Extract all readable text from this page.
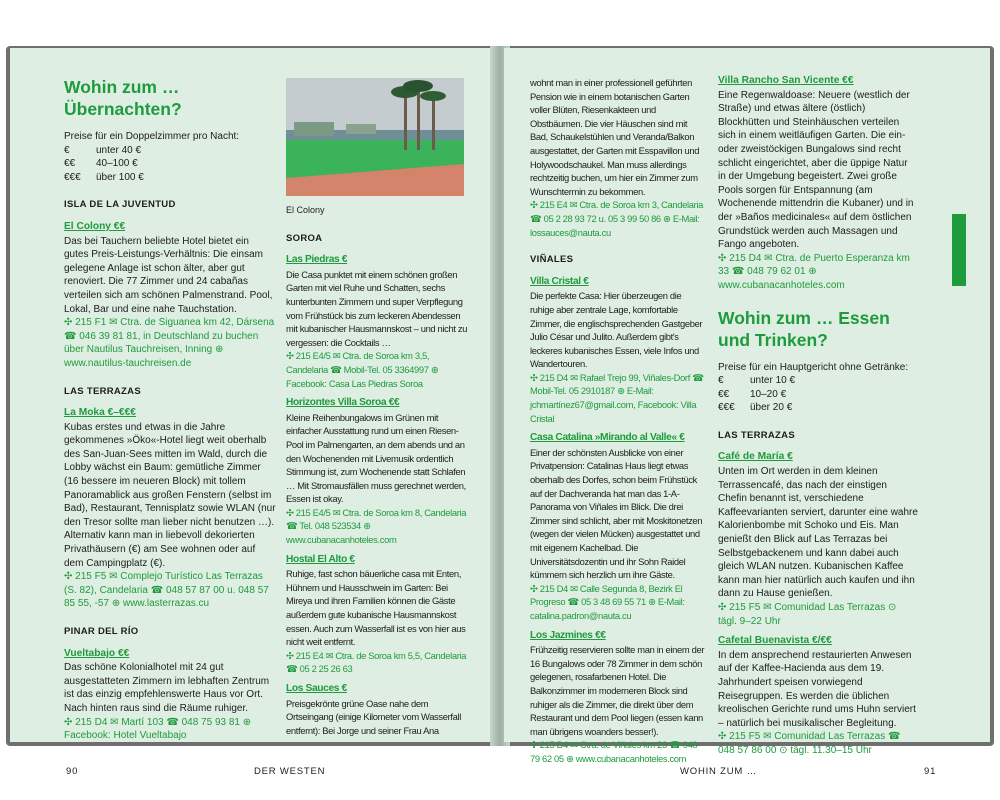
Wohin zum … Übernachten?

Preise für ein Doppelzimmer pro Nacht:

€	unter 40 €
€€	40–100 €
€€€	über 100 €
ISLA DE LA JUVENTUD
El Colony €€

Das bei Tauchern beliebte Hotel bietet ein gutes Preis-Leistungs-Verhältnis: Die einsam gelegene Anlage ist schon älter, aber gut renoviert. Die 77 Zimmer und 24 cabañas verteilen sich am schönen Palmenstrand. Pool, Lokal, Bar und eine nahe Tauchstation.

✣ 215 F1 ✉ Ctra. de Siguanea km 42, Dársena ☎ 046 39 81 81, in Deutschland zu buchen über Nautilus Tauchreisen, Inning ⊕ www.nautilus-tauchreisen.de

LAS TERRAZAS
La Moka €–€€€

Kubas erstes und etwas in die Jahre gekommenes »Öko«-Hotel liegt weit oberhalb des San-Juan-Sees mitten im Wald, durch die Lobby wächst ein Baum: gemütliche Zimmer (16 bessere im neueren Block) mit tollem Panoramablick aus großen Fenstern (selbst im Bad), Restaurant, Tennisplatz sowie WLAN (nur den Tresor sollte man lieber nicht benutzen …). Alternativ kann man in liebevoll dekorierten Privathäusern (€) am See wohnen oder auf dem Campingplatz (€).

✣ 215 F5 ✉ Complejo Turístico Las Terrazas (S. 82), Candelaria ☎ 048 57 87 00 u. 048 57 85 55, -57 ⊕ www.lasterrazas.cu

PINAR DEL RÍO
Vueltabajo €€

Das schöne Kolonialhotel mit 24 gut ausgestatteten Zimmern im lebhaften Zentrum ist das einzig empfehlenswerte Haus vor Ort. Nach hinten raus sind die Räume ruhiger.

✣ 215 D4 ✉ Martí 103 ☎ 048 75 93 81 ⊕ Facebook: Hotel Vueltabajo

El Colony
SOROA
Las Piedras €

Die Casa punktet mit einem schönen großen Garten mit viel Ruhe und Schatten, sechs kunterbunten Zimmern und super Verpflegung vom Frühstück bis zum leckeren Abendessen mit kubanischer Hausmannskost – und nicht zu vergessen: die Cocktails …

✣ 215 E4/5 ✉ Ctra. de Soroa km 3,5, Candelaria ☎ Mobil-Tel. 05 3364997 ⊕ Facebook: Casa Las Piedras Soroa

Horizontes Villa Soroa €€

Kleine Reihenbungalows im Grünen mit einfacher Ausstattung rund um einen Riesen-Pool im Palmengarten, an dem abends und an den Wochenenden mit Livemusik ordentlich Stimmung ist, zum Wochenende statt Schlafen … Mit Stromausfällen muss gerechnet werden, Essen ist okay.

✣ 215 E4/5 ✉ Ctra. de Soroa km 8, Candelaria ☎ Tel. 048 523534 ⊕ www.cubanacanhoteles.com

Hostal El Alto €

Ruhige, fast schon bäuerliche casa mit Enten, Hühnern und Hausschwein im Garten: Bei Mireya und ihren Familien können die Gäste außerdem gute kubanische Hausmannskost essen. Auch zum Wasserfall ist es von hier aus nicht weit entfernt.

✣ 215 E4 ✉ Ctra. de Soroa km 5,5, Candelaria ☎ 05 2 25 26 63

Los Sauces €

Preisgekrönte grüne Oase nahe dem Ortseingang (einige Kilometer vom Wasserfall entfernt): Bei Jorge und seiner Frau Ana

90	DER WESTEN

wohnt man in einer professionell geführten Pension wie in einem botanischen Garten voller Blüten, Riesenkakteen und Obstbäumen. Die vier Häuschen sind mit Bad, Schaukelstühlen und Veranda/Balkon ausgestattet, der Garten mit Esspavillon und Holywoodschaukel. Man muss allerdings rechtzeitig buchen, um hier ein Zimmer zum Wunschtermin zu bekommen.

✣ 215 E4 ✉ Ctra. de Soroa km 3, Candelaria ☎ 05 2 28 93 72 u. 05 3 99 50 86 ⊕ E-Mail: lossauces@nauta.cu

VIÑALES
Villa Cristal €

Die perfekte Casa: Hier überzeugen die ruhige aber zentrale Lage, komfortable Zimmer, die englischsprechenden Gastgeber Julio César und Julito. Außerdem gibt's leckeres kubanisches Essen, viele Infos und Wandertouren.

✣ 215 D4 ✉ Rafael Trejo 99, Viñales-Dorf ☎ Mobil-Tel. 05 2910187 ⊕ E-Mail: jchmartínez67@gmail.com, Facebook: Villa Cristal

Casa Catalina »Mirando al Valle« €

Einer der schönsten Ausblicke von einer Privatpension: Catalinas Haus liegt etwas oberhalb des Dorfes, schon beim Frühstück auf der Dachveranda hat man das 1-A-Panorama von Viñales im Blick. Die drei Zimmer sind schlicht, aber mit Moskitonetzen (wegen der vielen Mücken) ausgestattet und mit eigenem Kachelbad. Die Universitätsdozentin und ihr Sohn Raidel kümmern sich herzlich um ihre Gäste.

✣ 215 D4 ✉ Calle Segunda 8, Bezirk El Progreso ☎ 05 3 48 69 55 71 ⊕ E-Mail: catalina.padron@nauta.cu

Los Jazmines €€

Frühzeitig reservieren sollte man in einem der 16 Bungalows oder 78 Zimmer in dem schön gelegenen, rosafarbenen Hotel. Die Balkonzimmer im moderneren Block sind ruhiger als die Zimmer, die direkt über dem Restaurant und dem Pool liegen (essen kann man übrigens woanders besser!).

✣ 215 D4 ✉ Ctra. de Viñales km 23 ☎ 048 79 62 05 ⊕ www.cubanacanhoteles.com

Villa Rancho San Vicente €€

Eine Regenwaldoase: Neuere (westlich der Straße) und etwas ältere (östlich) Blockhütten und Steinhäuschen verteilen sich in einem weitläufigen Garten. Die ein- oder zweistöckigen Bungalows sind recht schlicht eingerichtet, aber die üppige Natur in der Umgebung begeistert. Zwei große Pools sorgen für Entspannung (am Wochenende mittendrin die Kubaner) und in der »Baños medicinales« auf dem östlichen Grundstück werden auch Massagen und Fango angeboten.

✣ 215 D4 ✉ Ctra. de Puerto Esperanza km 33 ☎ 048 79 62 01 ⊕ www.cubanacanhoteles.com

Wohin zum … Essen und Trinken?

Preise für ein Hauptgericht ohne Getränke:

€	unter 10 €
€€	10–20 €
€€€	über 20 €
LAS TERRAZAS
Café de María €

Unten im Ort werden in dem kleinen Terrassencafé, das nach der einstigen Chefin benannt ist, verschiedene Kaffeevarianten serviert, darunter eine wahre Kalorienbombe mit Schoko und Eis. Man genießt den Blick auf Las Terrazas bei Selbstgebackenem und kann dabei auch gleich WLAN nutzen. Kubanischen Kaffee kann man hier natürlich auch kaufen und ihn dann zu Hause genießen.

✣ 215 F5 ✉ Comunidad Las Terrazas ⊙ tägl. 9–22 Uhr

Cafetal Buenavista €/€€

In dem ansprechend restaurierten Anwesen auf der Kaffee-Hacienda aus dem 19. Jahrhundert speisen vorwiegend Reisegruppen. Es werden die üblichen kreolischen Gerichte rund ums Huhn serviert – natürlich bei musikalischer Begleitung.

✣ 215 F5 ✉ Comunidad Las Terrazas ☎ 048 57 86 00 ⊙ tägl. 11.30–15 Uhr

WOHIN ZUM …	91
